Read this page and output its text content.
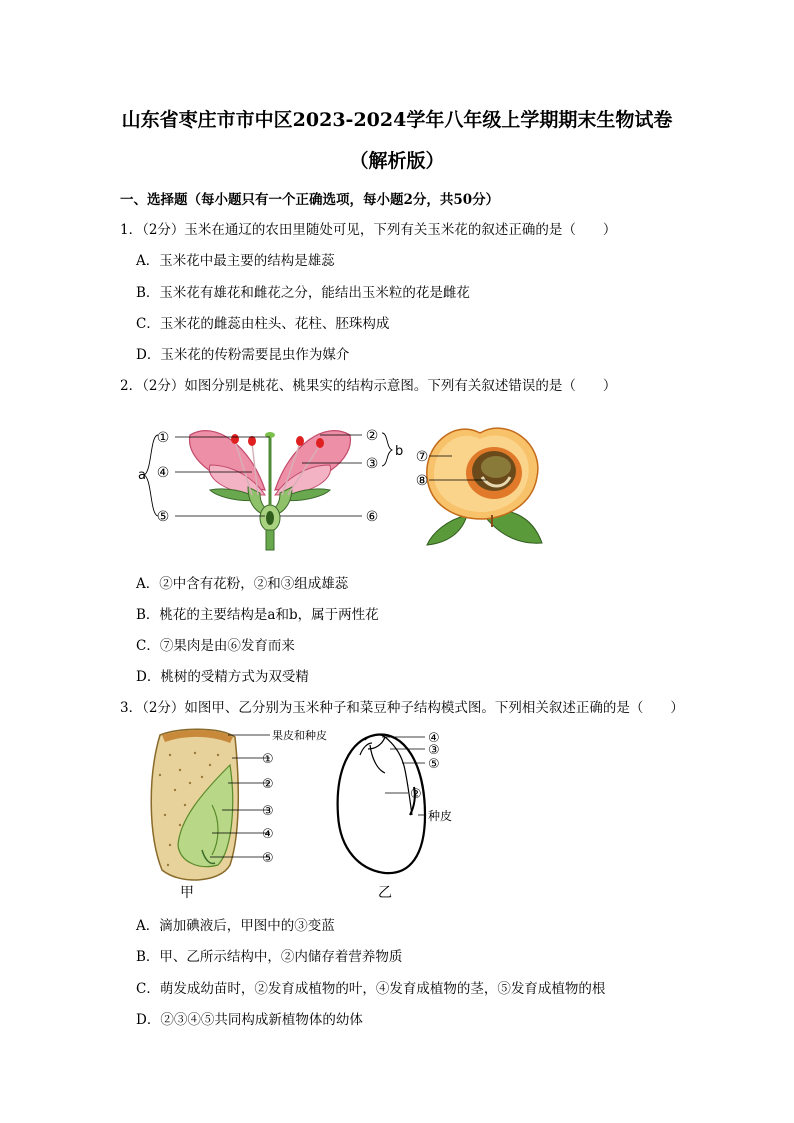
山东省枣庄市市中区2023-2024学年八年级上学期期末生物试卷
（解析版）
一、选择题（每小题只有一个正确选项，每小题2分，共50分）
1．（2分）玉米在通辽的农田里随处可见，下列有关玉米花的叙述正确的是（　　）
A．玉米花中最主要的结构是雄蕊
B．玉米花有雄花和雌花之分，能结出玉米粒的花是雌花
C．玉米花的雌蕊由柱头、花柱、胚珠构成
D．玉米花的传粉需要昆虫作为媒介
2．（2分）如图分别是桃花、桃果实的结构示意图。下列有关叙述错误的是（　　）
①	②
③
④
⑤	⑥
a
b ⑦
⑧
A．②中含有花粉，②和③组成雄蕊
B．桃花的主要结构是a和b，属于两性花
C．⑦果肉是由⑥发育而来
D．桃树的受精方式为双受精
3．（2分）如图甲、乙分别为玉米种子和菜豆种子结构模式图。下列相关叙述正确的是（　　）
果皮和种皮
①
②
③
④
⑤
甲
④
③
⑤
②
种皮
乙
A．滴加碘液后，甲图中的③变蓝
B．甲、乙所示结构中，②内储存着营养物质
C．萌发成幼苗时，②发育成植物的叶，④发育成植物的茎，⑤发育成植物的根
D．②③④⑤共同构成新植物体的幼体
